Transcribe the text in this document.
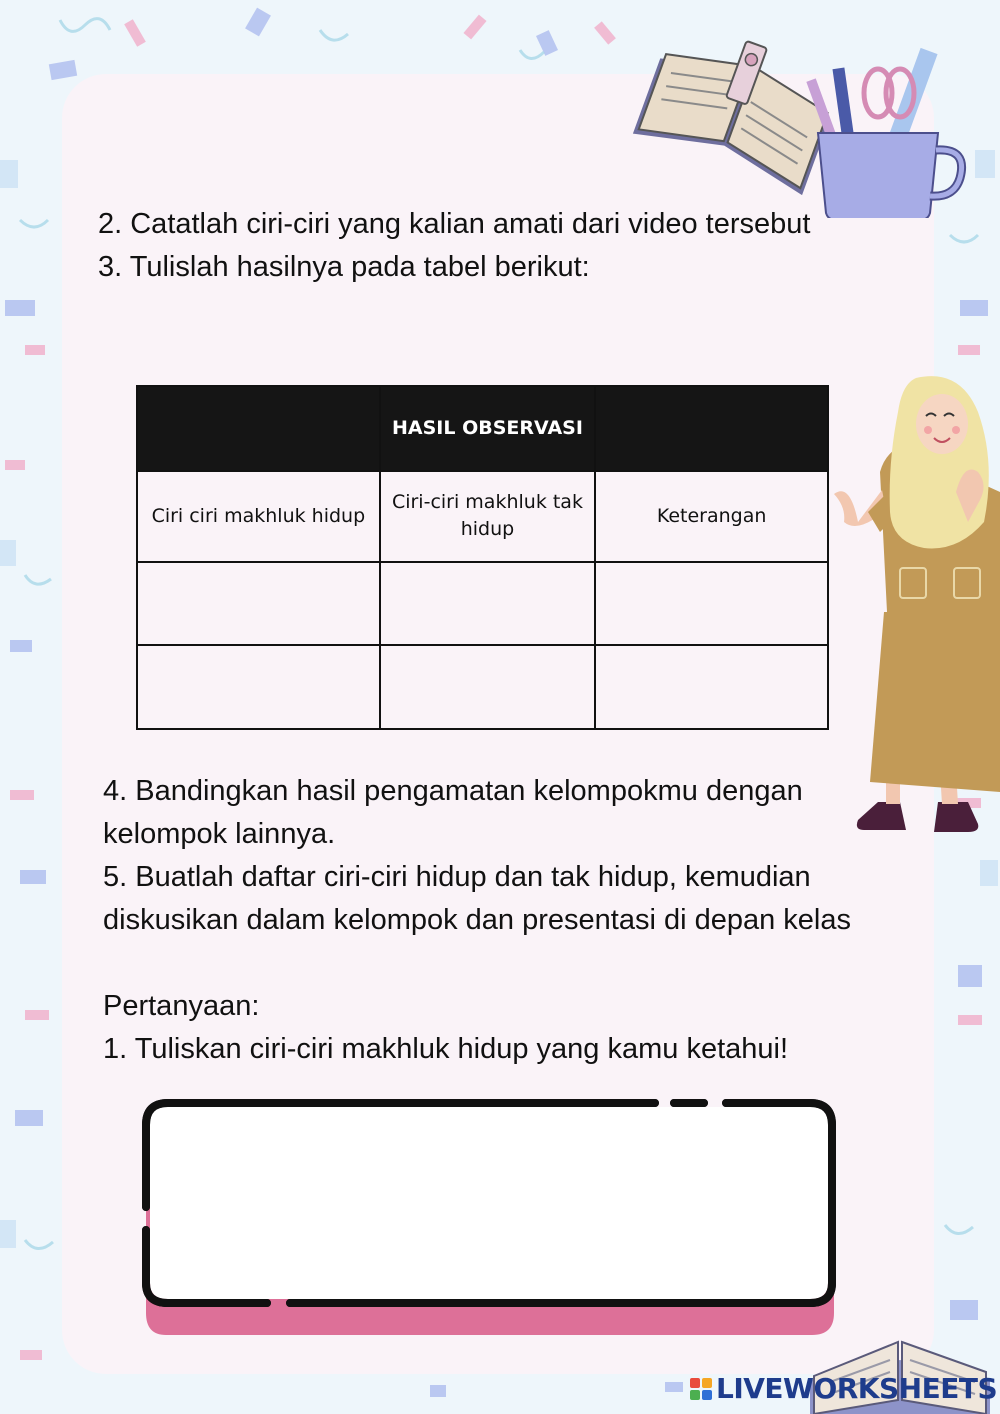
2. Catatlah ciri-ciri yang kalian amati dari video tersebut
3. Tulislah hasilnya pada tabel berikut:
	HASIL OBSERVASI	
Ciri ciri makhluk hidup	Ciri-ciri makhluk tak hidup	Keterangan

4. Bandingkan hasil pengamatan kelompokmu dengan
kelompok lainnya.
5. Buatlah daftar ciri-ciri hidup dan tak hidup, kemudian
diskusikan dalam kelompok dan presentasi di depan kelas

Pertanyaan:
1. Tuliskan ciri-ciri makhluk hidup yang kamu ketahui!
LIVEWORKSHEETS
